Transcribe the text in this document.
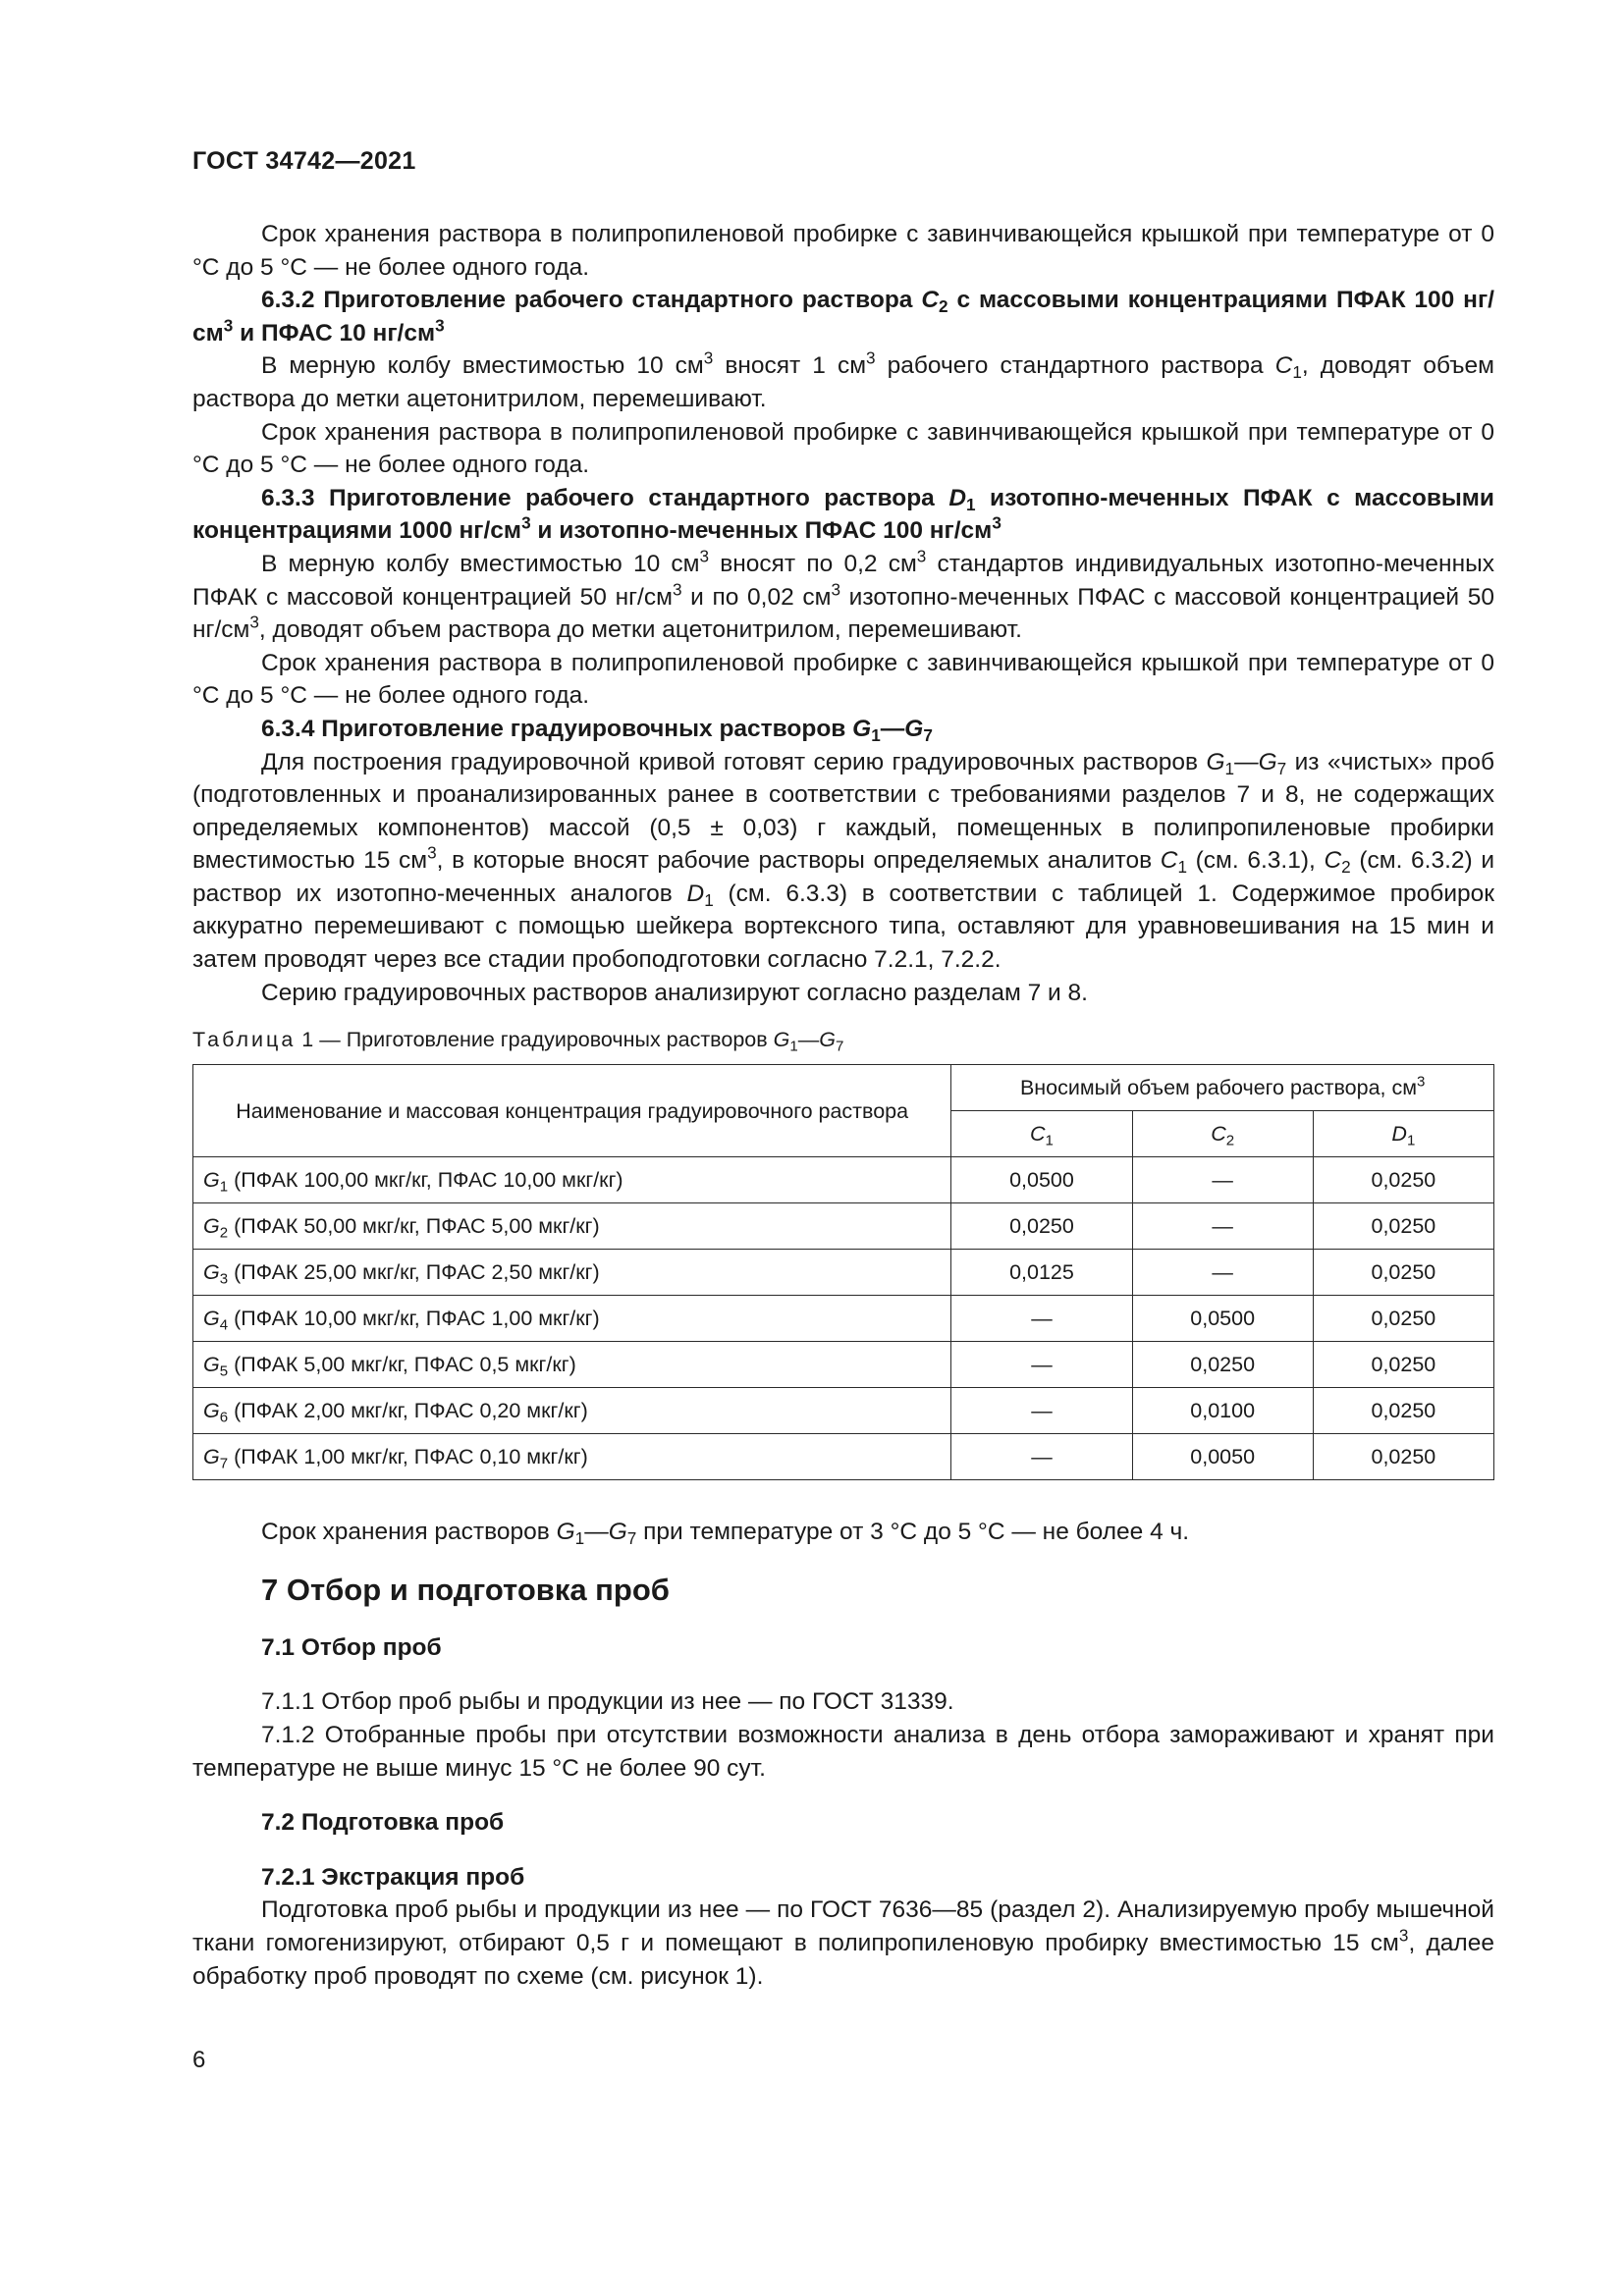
ГОСТ 34742—2021

Срок хранения раствора в полипропиленовой пробирке с завинчивающейся крышкой при температуре от 0 °C до 5 °C — не более одного года.

6.3.2 Приготовление рабочего стандартного раствора $C_2$ с массовыми концентрациями ПФАК 100 $нг/см^3$ и ПФАС 10 $нг/см^3$

В мерную колбу вместимостью 10 $см^3$ вносят 1 $см^3$ рабочего стандартного раствора $C_1$, доводят объем раствора до метки ацетонитрилом, перемешивают.

Срок хранения раствора в полипропиленовой пробирке с завинчивающейся крышкой при температуре от 0 °C до 5 °C — не более одного года.

6.3.3 Приготовление рабочего стандартного раствора $D_1$ изотопно-меченных ПФАК с массовыми концентрациями 1000 $нг/см^3$ и изотопно-меченных ПФАС 100 $нг/см^3$

В мерную колбу вместимостью 10 $см^3$ вносят по 0,2 $см^3$ стандартов индивидуальных изотопно-меченных ПФАК с массовой концентрацией 50 $нг/см^3$ и по 0,02 $см^3$ изотопно-меченных ПФАС с массовой концентрацией 50 $нг/см^3$, доводят объем раствора до метки ацетонитрилом, перемешивают.

Срок хранения раствора в полипропиленовой пробирке с завинчивающейся крышкой при температуре от 0 °C до 5 °C — не более одного года.

6.3.4 Приготовление градуировочных растворов $G_1—G_7$

Для построения градуировочной кривой готовят серию градуировочных растворов $G_1—G_7$ из «чистых» проб (подготовленных и проанализированных ранее в соответствии с требованиями разделов 7 и 8, не содержащих определяемых компонентов) массой (0,5 ± 0,03) г каждый, помещенных в полипропиленовые пробирки вместимостью 15 $см^3$, в которые вносят рабочие растворы определяемых аналитов $C_1$ (см. 6.3.1), $C_2$ (см. 6.3.2) и раствор их изотопно-меченных аналогов $D_1$ (см. 6.3.3) в соответствии с таблицей 1. Содержимое пробирок аккуратно перемешивают с помощью шейкера вортексного типа, оставляют для уравновешивания на 15 мин и затем проводят через все стадии пробоподготовки согласно 7.2.1, 7.2.2.

Серию градуировочных растворов анализируют согласно разделам 7 и 8.

Таблица 1 — Приготовление градуировочных растворов $G_1—G_7$
Наименование и массовая концентрация градуировочного раствора	Вносимый объем рабочего раствора, $см^3$
	$C_1$	$C_2$	$D_1$
$G_1$ (ПФАК 100,00 мкг/кг, ПФАС 10,00 мкг/кг)	0,0500	—	0,0250
$G_2$ (ПФАК 50,00 мкг/кг, ПФАС 5,00 мкг/кг)	0,0250	—	0,0250
$G_3$ (ПФАК 25,00 мкг/кг, ПФАС 2,50 мкг/кг)	0,0125	—	0,0250
$G_4$ (ПФАК 10,00 мкг/кг, ПФАС 1,00 мкг/кг)	—	0,0500	0,0250
$G_5$ (ПФАК 5,00 мкг/кг, ПФАС 0,5 мкг/кг)	—	0,0250	0,0250
$G_6$ (ПФАК 2,00 мкг/кг, ПФАС 0,20 мкг/кг)	—	0,0100	0,0250
$G_7$ (ПФАК 1,00 мкг/кг, ПФАС 0,10 мкг/кг)	—	0,0050	0,0250

Срок хранения растворов $G_1—G_7$ при температуре от 3 °C до 5 °C — не более 4 ч.

7 Отбор и подготовка проб

7.1 Отбор проб

7.1.1 Отбор проб рыбы и продукции из нее — по ГОСТ 31339.

7.1.2 Отобранные пробы при отсутствии возможности анализа в день отбора замораживают и хранят при температуре не выше минус 15 °C не более 90 сут.

7.2 Подготовка проб

7.2.1 Экстракция проб

Подготовка проб рыбы и продукции из нее — по ГОСТ 7636—85 (раздел 2). Анализируемую пробу мышечной ткани гомогенизируют, отбирают 0,5 г и помещают в полипропиленовую пробирку вместимостью 15 $см^3$, далее обработку проб проводят по схеме (см. рисунок 1).

6
